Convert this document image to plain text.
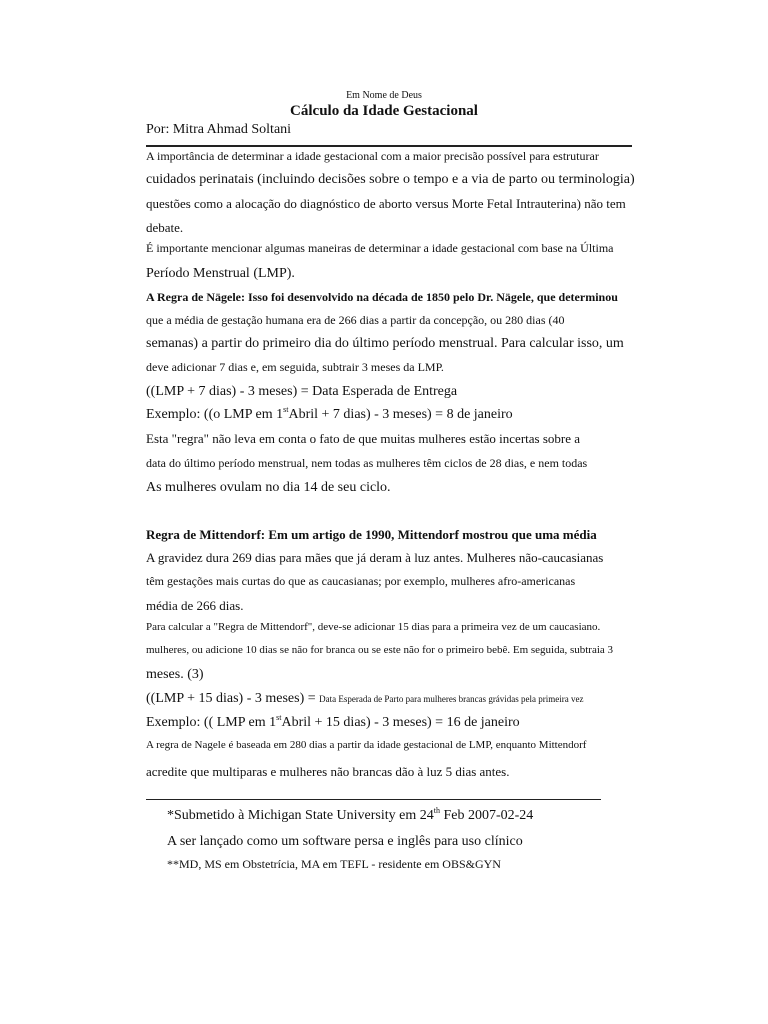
Em Nome de Deus
Cálculo da Idade Gestacional
Por: Mitra Ahmad Soltani
A importância de determinar a idade gestacional com a maior precisão possível para estruturar
cuidados perinatais (incluindo decisões sobre o tempo e a via de parto ou terminologia)
questões como a alocação do diagnóstico de aborto versus Morte Fetal Intrauterina) não tem
debate.
É importante mencionar algumas maneiras de determinar a idade gestacional com base na Última
Período Menstrual (LMP).
A Regra de Nägele: Isso foi desenvolvido na década de 1850 pelo Dr. Nägele, que determinou
que a média de gestação humana era de 266 dias a partir da concepção, ou 280 dias (40
semanas) a partir do primeiro dia do último período menstrual. Para calcular isso, um
deve adicionar 7 dias e, em seguida, subtrair 3 meses da LMP.
((LMP + 7 dias) - 3 meses) = Data Esperada de Entrega
Exemplo: ((o LMP em 1stAbril + 7 dias) - 3 meses) = 8 de janeiro
Esta "regra" não leva em conta o fato de que muitas mulheres estão incertas sobre a
data do último período menstrual, nem todas as mulheres têm ciclos de 28 dias, e nem todas
As mulheres ovulam no dia 14 de seu ciclo.
Regra de Mittendorf: Em um artigo de 1990, Mittendorf mostrou que uma média
A gravidez dura 269 dias para mães que já deram à luz antes. Mulheres não-caucasianas
têm gestações mais curtas do que as caucasianas; por exemplo, mulheres afro-americanas
média de 266 dias.
Para calcular a "Regra de Mittendorf", deve-se adicionar 15 dias para a primeira vez de um caucasiano.
mulheres, ou adicione 10 dias se não for branca ou se este não for o primeiro bebê. Em seguida, subtraia 3
meses. (3)
((LMP + 15 dias) - 3 meses) = Data Esperada de Parto para mulheres brancas grávidas pela primeira vez
Exemplo: (( LMP em 1stAbril + 15 dias) - 3 meses) = 16 de janeiro
A regra de Nagele é baseada em 280 dias a partir da idade gestacional de LMP, enquanto Mittendorf
acredite que multiparas e mulheres não brancas dão à luz 5 dias antes.
*Submetido à Michigan State University em 24th Feb 2007-02-24
A ser lançado como um software persa e inglês para uso clínico
**MD, MS em Obstetrícia, MA em TEFL - residente em OBS&GYN
